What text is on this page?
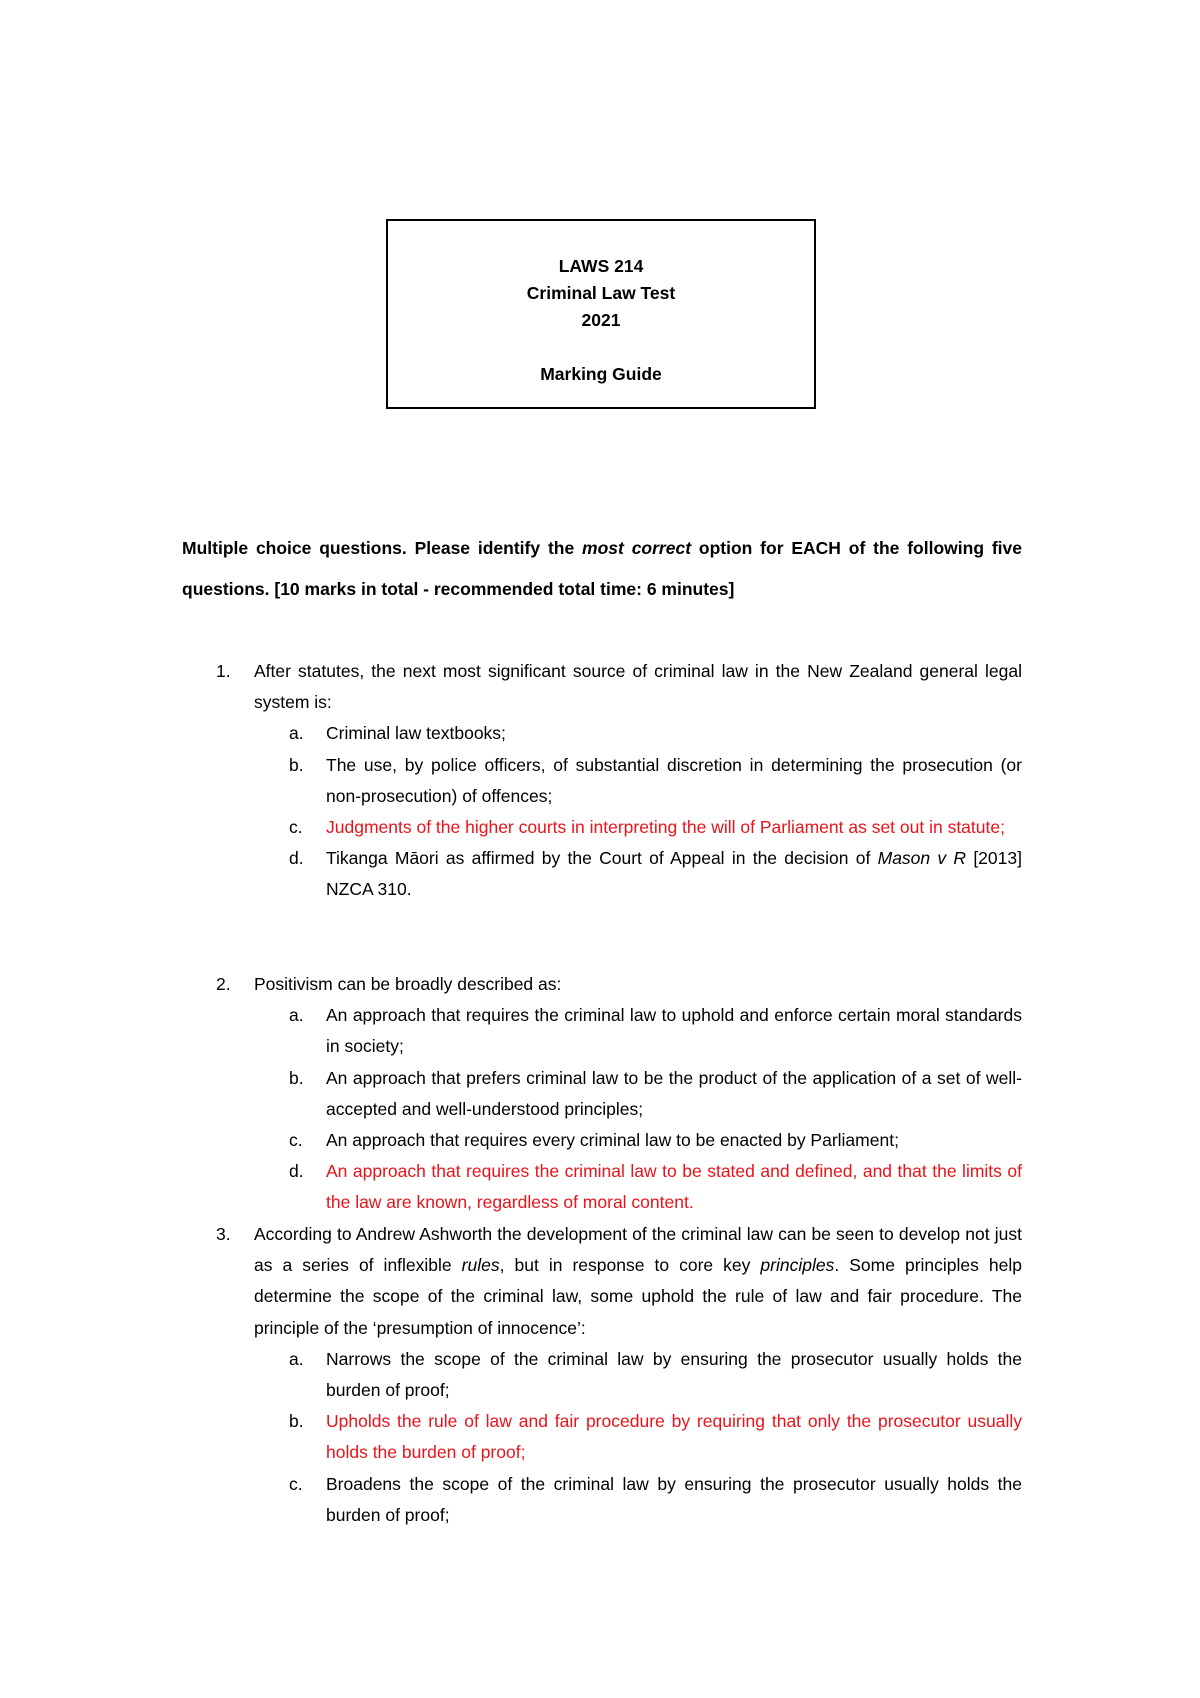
LAWS 214
Criminal Law Test
2021
Marking Guide
Multiple choice questions. Please identify the most correct option for EACH of the following five questions. [10 marks in total - recommended total time: 6 minutes]
1. After statutes, the next most significant source of criminal law in the New Zealand general legal system is:
a. Criminal law textbooks;
b. The use, by police officers, of substantial discretion in determining the prosecution (or non-prosecution) of offences;
c. Judgments of the higher courts in interpreting the will of Parliament as set out in statute;
d. Tikanga Māori as affirmed by the Court of Appeal in the decision of Mason v R [2013] NZCA 310.
2. Positivism can be broadly described as:
a. An approach that requires the criminal law to uphold and enforce certain moral standards in society;
b. An approach that prefers criminal law to be the product of the application of a set of well-accepted and well-understood principles;
c. An approach that requires every criminal law to be enacted by Parliament;
d. An approach that requires the criminal law to be stated and defined, and that the limits of the law are known, regardless of moral content.
3. According to Andrew Ashworth the development of the criminal law can be seen to develop not just as a series of inflexible rules, but in response to core key principles. Some principles help determine the scope of the criminal law, some uphold the rule of law and fair procedure. The principle of the ‘presumption of innocence’:
a. Narrows the scope of the criminal law by ensuring the prosecutor usually holds the burden of proof;
b. Upholds the rule of law and fair procedure by requiring that only the prosecutor usually holds the burden of proof;
c. Broadens the scope of the criminal law by ensuring the prosecutor usually holds the burden of proof;
